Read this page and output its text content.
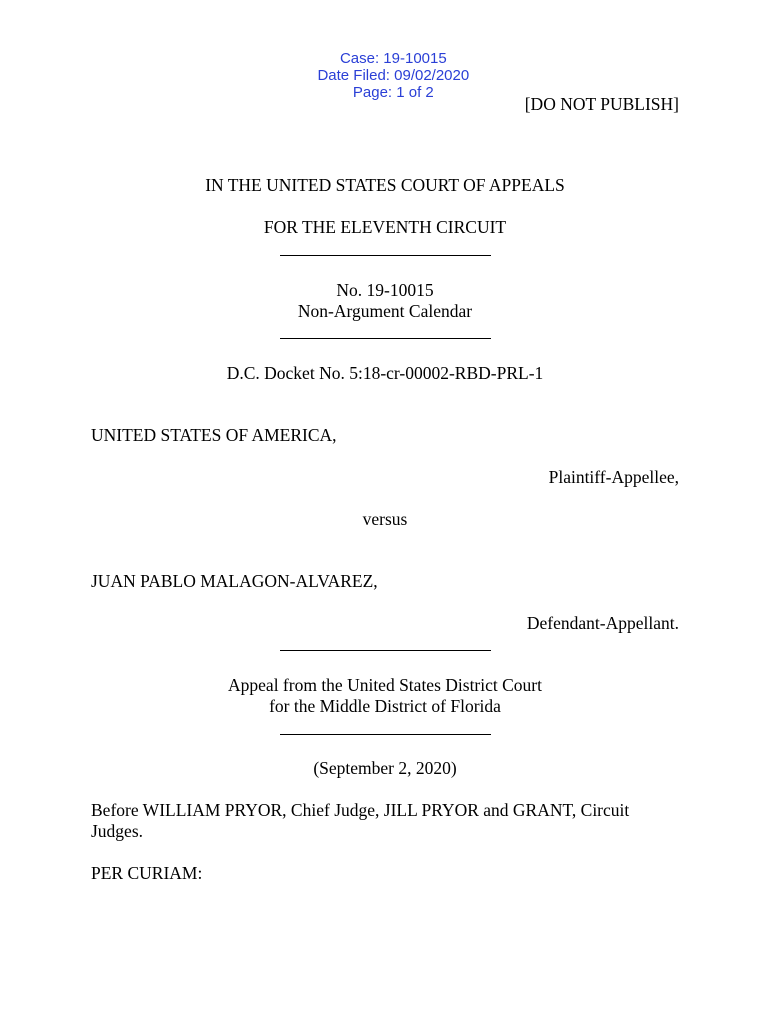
Case: 19-10015
Date Filed: 09/02/2020
Page: 1 of 2

[DO NOT PUBLISH]
IN THE UNITED STATES COURT OF APPEALS
FOR THE ELEVENTH CIRCUIT
No. 19-10015
Non-Argument Calendar
D.C. Docket No. 5:18-cr-00002-RBD-PRL-1
UNITED STATES OF AMERICA,
Plaintiff-Appellee,
versus
JUAN PABLO MALAGON-ALVAREZ,
Defendant-Appellant.
Appeal from the United States District Court
for the Middle District of Florida
(September 2, 2020)
Before WILLIAM PRYOR, Chief Judge, JILL PRYOR and GRANT, Circuit
Judges.
PER CURIAM:
